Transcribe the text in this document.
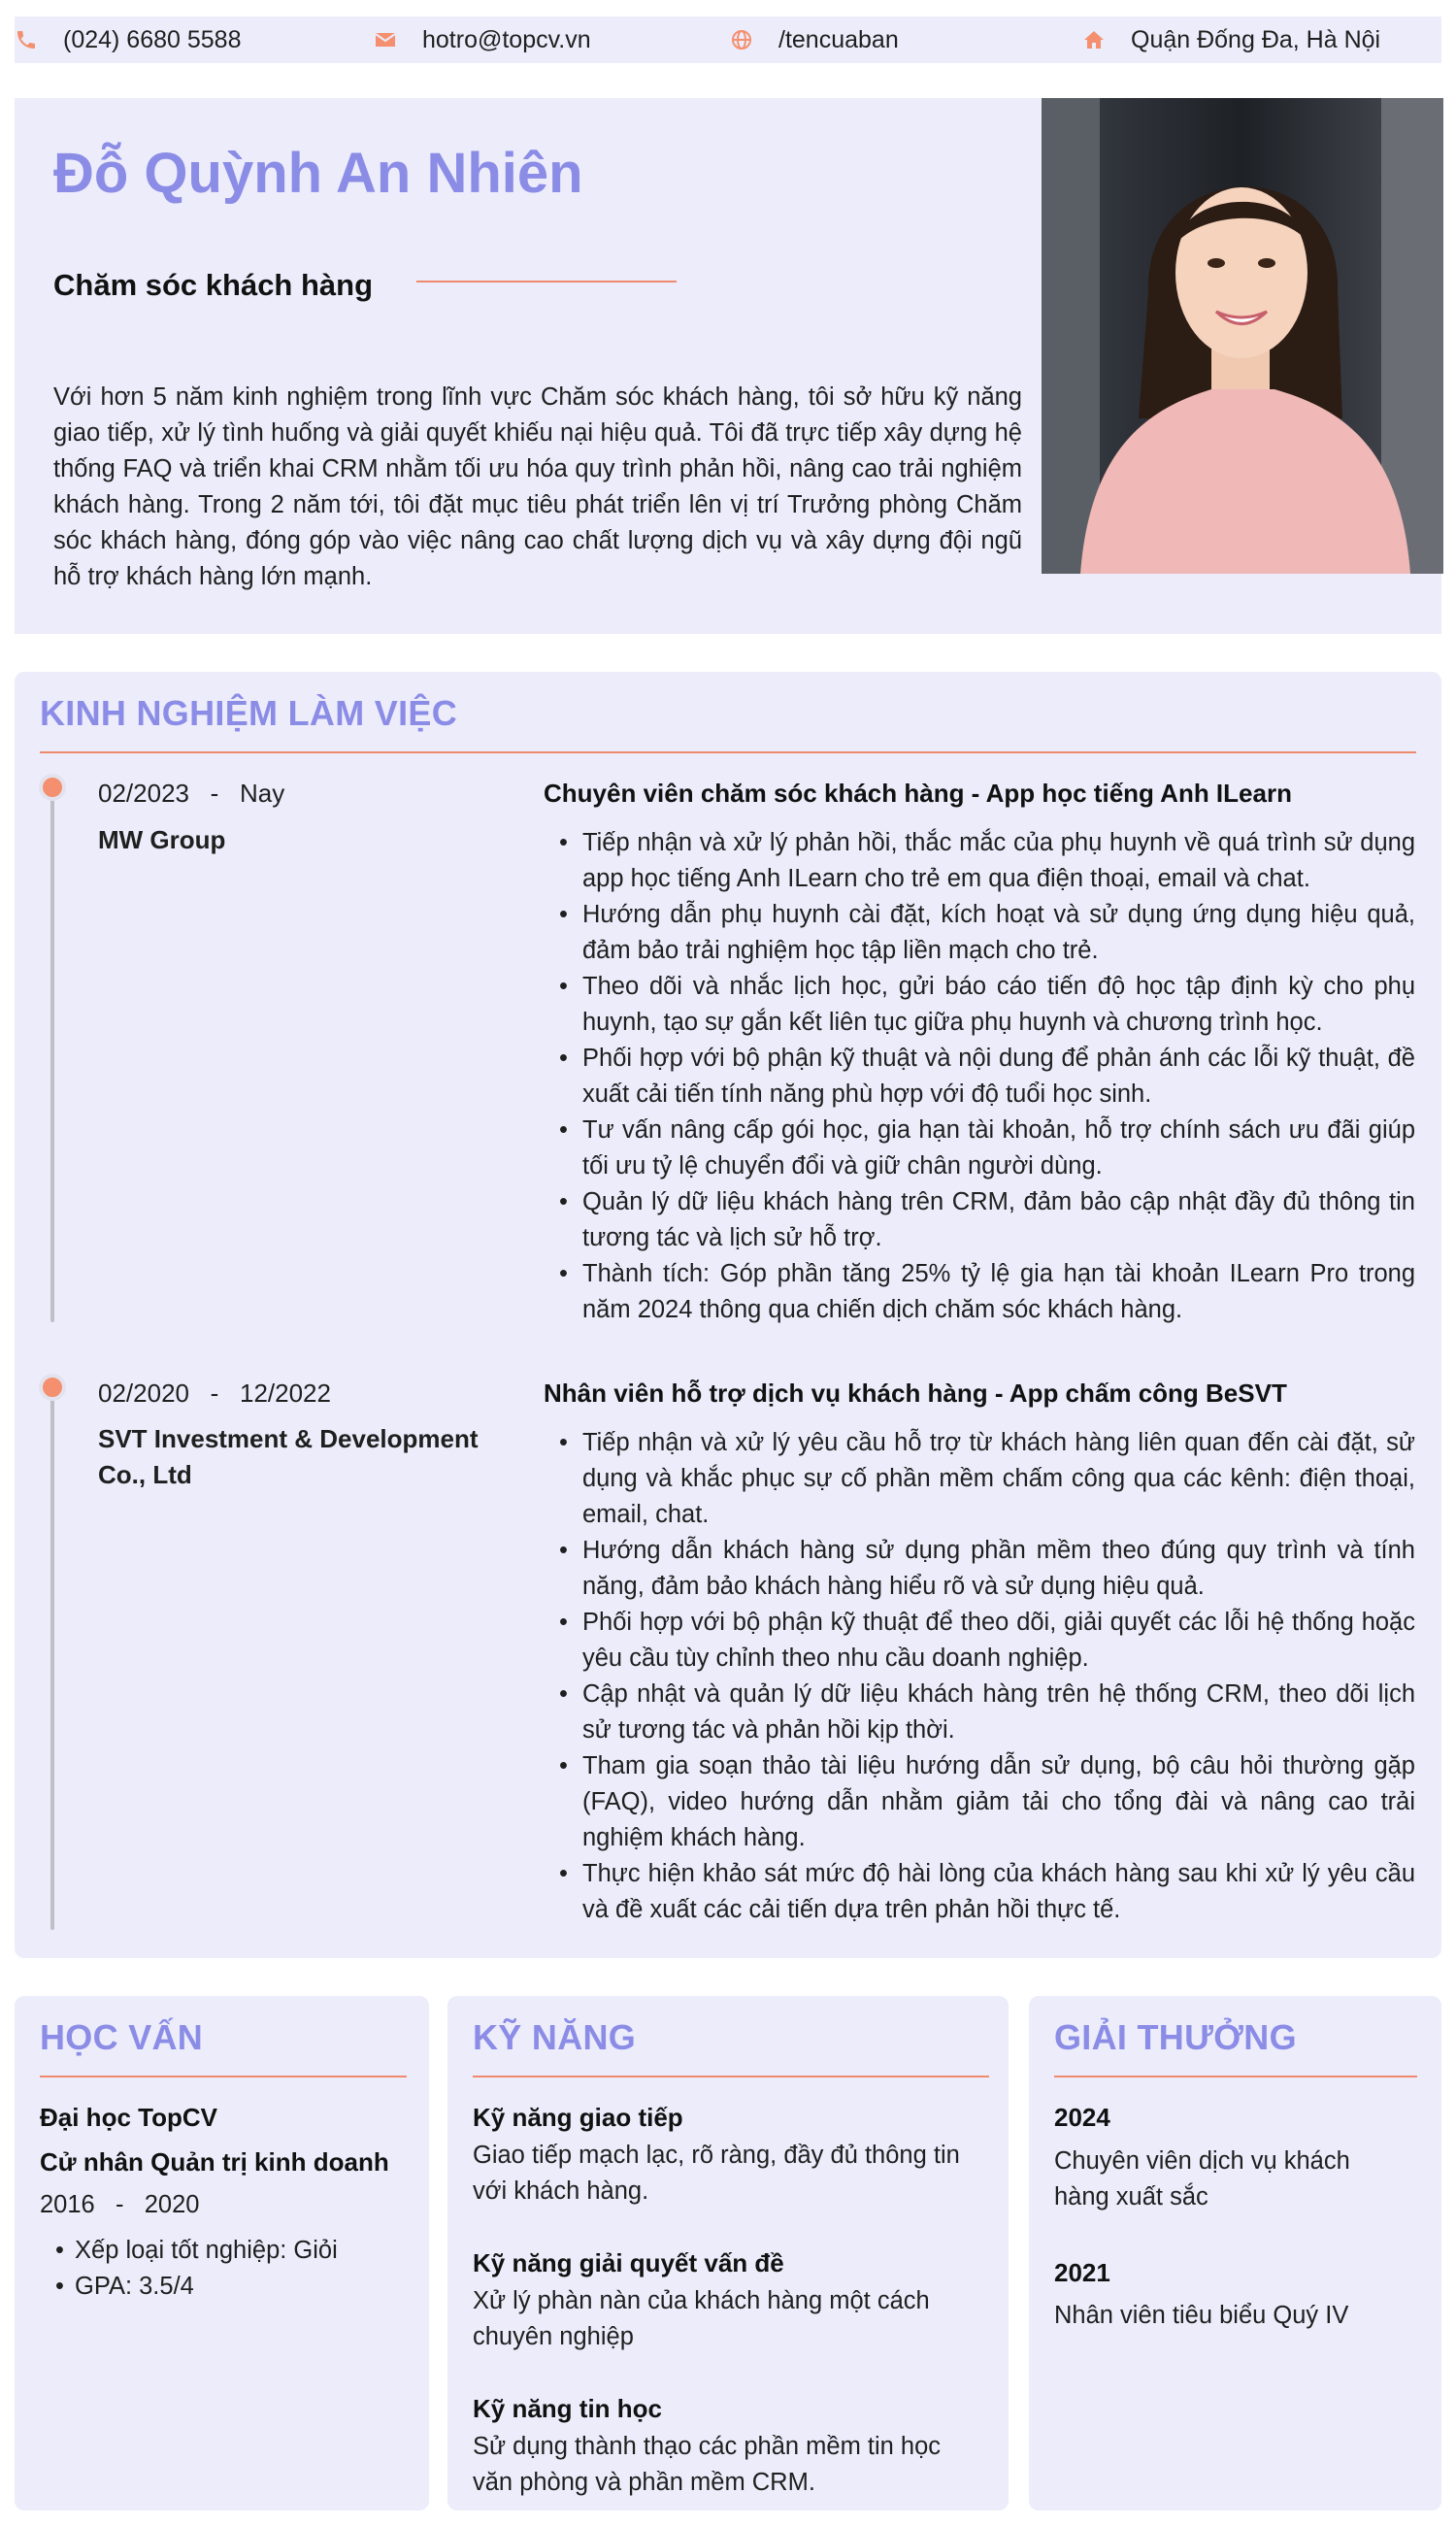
(024) 6680 5588	hotro@topcv.vn	/tencuaban	Quận Đống Đa, Hà Nội
Đỗ Quỳnh An Nhiên
Chăm sóc khách hàng
Với hơn 5 năm kinh nghiệm trong lĩnh vực Chăm sóc khách hàng, tôi sở hữu kỹ năng giao tiếp, xử lý tình huống và giải quyết khiếu nại hiệu quả. Tôi đã trực tiếp xây dựng hệ thống FAQ và triển khai CRM nhằm tối ưu hóa quy trình phản hồi, nâng cao trải nghiệm khách hàng. Trong 2 năm tới, tôi đặt mục tiêu phát triển lên vị trí Trưởng phòng Chăm sóc khách hàng, đóng góp vào việc nâng cao chất lượng dịch vụ và xây dựng đội ngũ hỗ trợ khách hàng lớn mạnh.
KINH NGHIỆM LÀM VIỆC
02/2023   -   Nay
MW Group
Chuyên viên chăm sóc khách hàng - App học tiếng Anh ILearn
• Tiếp nhận và xử lý phản hồi, thắc mắc của phụ huynh về quá trình sử dụng app học tiếng Anh ILearn cho trẻ em qua điện thoại, email và chat.
• Hướng dẫn phụ huynh cài đặt, kích hoạt và sử dụng ứng dụng hiệu quả, đảm bảo trải nghiệm học tập liền mạch cho trẻ.
• Theo dõi và nhắc lịch học, gửi báo cáo tiến độ học tập định kỳ cho phụ huynh, tạo sự gắn kết liên tục giữa phụ huynh và chương trình học.
• Phối hợp với bộ phận kỹ thuật và nội dung để phản ánh các lỗi kỹ thuật, đề xuất cải tiến tính năng phù hợp với độ tuổi học sinh.
• Tư vấn nâng cấp gói học, gia hạn tài khoản, hỗ trợ chính sách ưu đãi giúp tối ưu tỷ lệ chuyển đổi và giữ chân người dùng.
• Quản lý dữ liệu khách hàng trên CRM, đảm bảo cập nhật đầy đủ thông tin tương tác và lịch sử hỗ trợ.
• Thành tích: Góp phần tăng 25% tỷ lệ gia hạn tài khoản ILearn Pro trong năm 2024 thông qua chiến dịch chăm sóc khách hàng.
02/2020   -   12/2022
SVT Investment & Development Co., Ltd
Nhân viên hỗ trợ dịch vụ khách hàng - App chấm công BeSVT
• Tiếp nhận và xử lý yêu cầu hỗ trợ từ khách hàng liên quan đến cài đặt, sử dụng và khắc phục sự cố phần mềm chấm công qua các kênh: điện thoại, email, chat.
• Hướng dẫn khách hàng sử dụng phần mềm theo đúng quy trình và tính năng, đảm bảo khách hàng hiểu rõ và sử dụng hiệu quả.
• Phối hợp với bộ phận kỹ thuật để theo dõi, giải quyết các lỗi hệ thống hoặc yêu cầu tùy chỉnh theo nhu cầu doanh nghiệp.
• Cập nhật và quản lý dữ liệu khách hàng trên hệ thống CRM, theo dõi lịch sử tương tác và phản hồi kịp thời.
• Tham gia soạn thảo tài liệu hướng dẫn sử dụng, bộ câu hỏi thường gặp (FAQ), video hướng dẫn nhằm giảm tải cho tổng đài và nâng cao trải nghiệm khách hàng.
• Thực hiện khảo sát mức độ hài lòng của khách hàng sau khi xử lý yêu cầu và đề xuất các cải tiến dựa trên phản hồi thực tế.
HỌC VẤN
Đại học TopCV
Cử nhân Quản trị kinh doanh
2016   -   2020
• Xếp loại tốt nghiệp: Giỏi
• GPA: 3.5/4
KỸ NĂNG
Kỹ năng giao tiếp
Giao tiếp mạch lạc, rõ ràng, đầy đủ thông tin với khách hàng.
Kỹ năng giải quyết vấn đề
Xử lý phàn nàn của khách hàng một cách chuyên nghiệp
Kỹ năng tin học
Sử dụng thành thạo các phần mềm tin học văn phòng và phần mềm CRM.
GIẢI THƯỞNG
2024
Chuyên viên dịch vụ khách hàng xuất sắc
2021
Nhân viên tiêu biểu Quý IV
